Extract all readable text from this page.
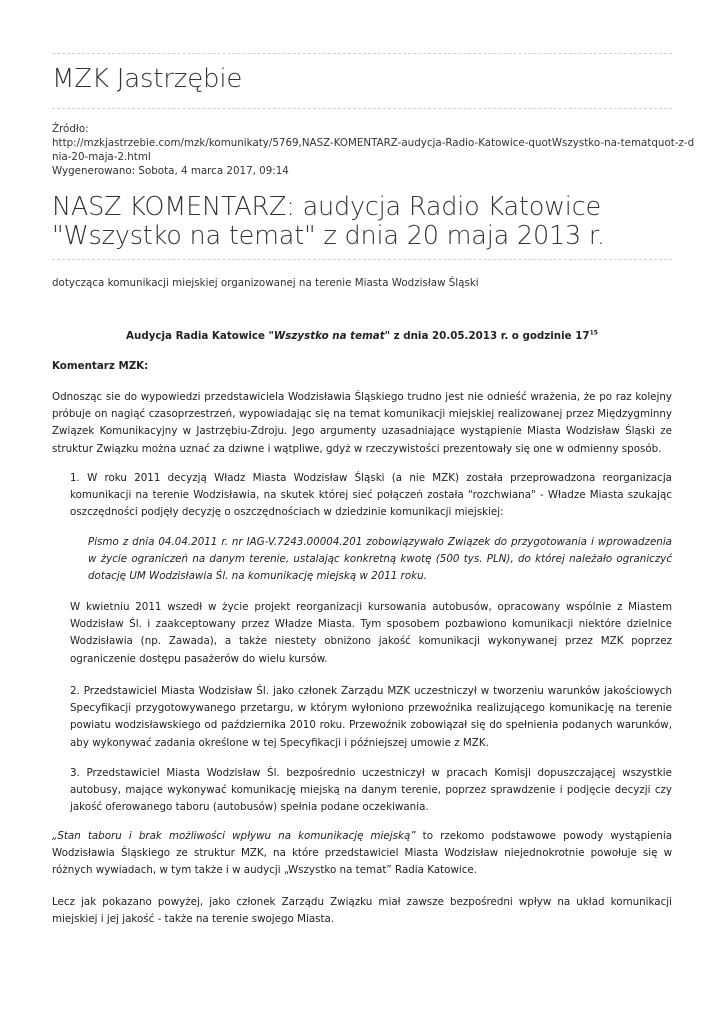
MZK Jastrzębie
Źródło:
http://mzkjastrzebie.com/mzk/komunikaty/5769,NASZ-KOMENTARZ-audycja-Radio-Katowice-quotWszystko-na-tematquot-z-d
nia-20-maja-2.html
Wygenerowano: Sobota, 4 marca 2017, 09:14
NASZ KOMENTARZ: audycja Radio Katowice
"Wszystko na temat" z dnia 20 maja 2013 r.
dotycząca komunikacji miejskiej organizowanej na terenie Miasta Wodzisław Śląski

Audycja Radia Katowice "Wszystko na temat" z dnia 20.05.2013 r. o godzinie $17^{15}$

Komentarz MZK:

Odnosząc sie do wypowiedzi przedstawiciela Wodzisławia Śląskiego trudno jest nie odnieść wrażenia, że po raz kolejny próbuje on nagiąć czasoprzestrzeń, wypowiadając się na temat komunikacji miejskiej realizowanej przez Międzygminny Związek Komunikacyjny w Jastrzębiu-Zdroju. Jego argumenty uzasadniające wystąpienie Miasta Wodzisław Śląski ze struktur Związku można uznać za dziwne i wątpliwe, gdyż w rzeczywistości prezentowały się one w odmienny sposób.

1. W roku 2011 decyzją Władz Miasta Wodzisław Śląski (a nie MZK) została przeprowadzona reorganizacja komunikacji na terenie Wodzisławia, na skutek której sieć połączeń została "rozchwiana" - Władze Miasta szukając oszczędności podjęły decyzję o oszczędnościach w dziedzinie komunikacji miejskiej:

Pismo z dnia 04.04.2011 r. nr IAG-V.7243.00004.201 zobowiązywało Związek do przygotowania i wprowadzenia w życie ograniczeń na danym terenie, ustalając konkretną kwotę (500 tys. PLN), do której należało ograniczyć dotację UM Wodzisławia Śl. na komunikację miejską w 2011 roku.

W kwietniu 2011 wszedł w życie projekt reorganizacji kursowania autobusów, opracowany wspólnie z Miastem Wodzisław Śl. i zaakceptowany przez Władze Miasta. Tym sposobem pozbawiono komunikacji niektóre dzielnice Wodzisławia (np. Zawada), a także niestety obniżono jakość komunikacji wykonywanej przez MZK poprzez ograniczenie dostępu pasażerów do wielu kursów.

2. Przedstawiciel Miasta Wodzisław Śl. jako członek Zarządu MZK uczestniczył w tworzeniu warunków jakościowych Specyfikacji przygotowywanego przetargu, w którym wyłoniono przewoźnika realizującego komunikację na terenie powiatu wodzisławskiego od października 2010 roku. Przewoźnik zobowiązał się do spełnienia podanych warunków, aby wykonywać zadania określone w tej Specyfikacji i późniejszej umowie z MZK.

3. Przedstawiciel Miasta Wodzisław Śl. bezpośrednio uczestniczył w pracach Komisji dopuszczającej wszystkie autobusy, mające wykonywać komunikację miejską na danym terenie, poprzez sprawdzenie i podjęcie decyzji czy jakość oferowanego taboru (autobusów) spełnia podane oczekiwania.

„Stan taboru i brak możliwości wpływu na komunikację miejską” to rzekomo podstawowe powody wystąpienia Wodzisławia Śląskiego ze struktur MZK, na które przedstawiciel Miasta Wodzisław niejednokrotnie powołuje się w różnych wywiadach, w tym także i w audycji „Wszystko na temat” Radia Katowice.

Lecz jak pokazano powyżej, jako członek Zarządu Związku miał zawsze bezpośredni wpływ na układ komunikacji miejskiej i jej jakość - także na terenie swojego Miasta.
